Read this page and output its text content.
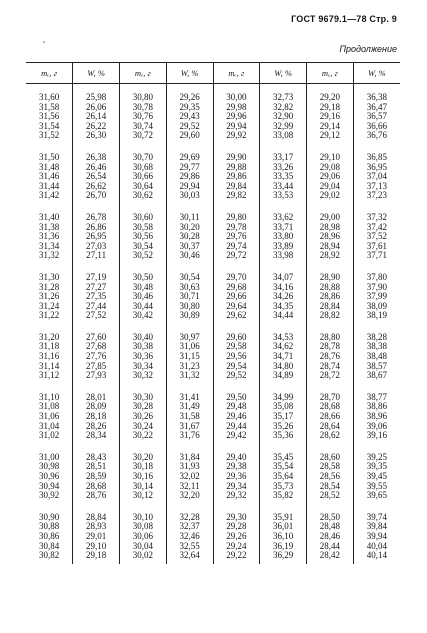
ГОСТ 9679.1—78 Стр. 9
ʼ	Продолжение
mₑ, г	W, %	mₑ, г	W, %	mₑ, г	W, %	mₑ, г	W, %
31,60	25,98	30,80	29,26	30,00	32,73	29,20	36,38
31,58	26,06	30,78	29,35	29,98	32,82	29,18	36,47
31,56	26,14	30,76	29,43	29,96	32,90	29,16	36,57
31,54	26,22	30,74	29,52	29,94	32,99	29,14	36,66
31,52	26,30	30,72	29,60	29,92	33,08	29,12	36,76
31,50	26,38	30,70	29,69	29,90	33,17	29,10	36,85
31,48	26,46	30,68	29,77	29,88	33,26	29,08	36,95
31,46	26,54	30,66	29,86	29,86	33,35	29,06	37,04
31,44	26,62	30,64	29,94	29,84	33,44	29,04	37,13
31,42	26,70	30,62	30,03	29,82	33,53	29,02	37,23
31,40	26,78	30,60	30,11	29,80	33,62	29,00	37,32
31,38	26,86	30,58	30,20	29,78	33,71	28,98	37,42
31,36	26,95	30,56	30,28	29,76	33,80	28,96	37,52
31,34	27,03	30,54	30,37	29,74	33,89	28,94	37,61
31,32	27,11	30,52	30,46	29,72	33,98	28,92	37,71
31,30	27,19	30,50	30,54	29,70	34,07	28,90	37,80
31,28	27,27	30,48	30,63	29,68	34,16	28,88	37,90
31,26	27,35	30,46	30,71	29,66	34,26	28,86	37,99
31,24	27,44	30,44	30,80	29,64	34,35	28,84	38,09
31,22	27,52	30,42	30,89	29,62	34,44	28,82	38,19
31,20	27,60	30,40	30,97	29,60	34,53	28,80	38,28
31,18	27,68	30,38	31,06	29,58	34,62	28,78	38,38
31,16	27,76	30,36	31,15	29,56	34,71	28,76	38,48
31,14	27,85	30,34	31,23	29,54	34,80	28,74	38,57
31,12	27,93	30,32	31,32	29,52	34,89	28,72	38,67
31,10	28,01	30,30	31,41	29,50	34,99	28,70	38,77
31,08	28,09	30,28	31,49	29,48	35,08	28,68	38,86
31,06	28,18	30,26	31,58	29,46	35,17	28,66	38,96
31,04	28,26	30,24	31,67	29,44	35,26	28,64	39,06
31,02	28,34	30,22	31,76	29,42	35,36	28,62	39,16
31,00	28,43	30,20	31,84	29,40	35,45	28,60	39,25
30,98	28,51	30,18	31,93	29,38	35,54	28,58	39,35
30,96	28,59	30,16	32,02	29,36	35,64	28,56	39,45
30,94	28,68	30,14	32,11	29,34	35,73	28,54	39,55
30,92	28,76	30,12	32,20	29,32	35,82	28,52	39,65
30,90	28,84	30,10	32,28	29,30	35,91	28,50	39,74
30,88	28,93	30,08	32,37	29,28	36,01	28,48	39,84
30,86	29,01	30,06	32,46	29,26	36,10	28,46	39,94
30,84	29,10	30,04	32,55	29,24	36,19	28,44	40,04
30,82	29,18	30,02	32,64	29,22	36,29	28,42	40,14
